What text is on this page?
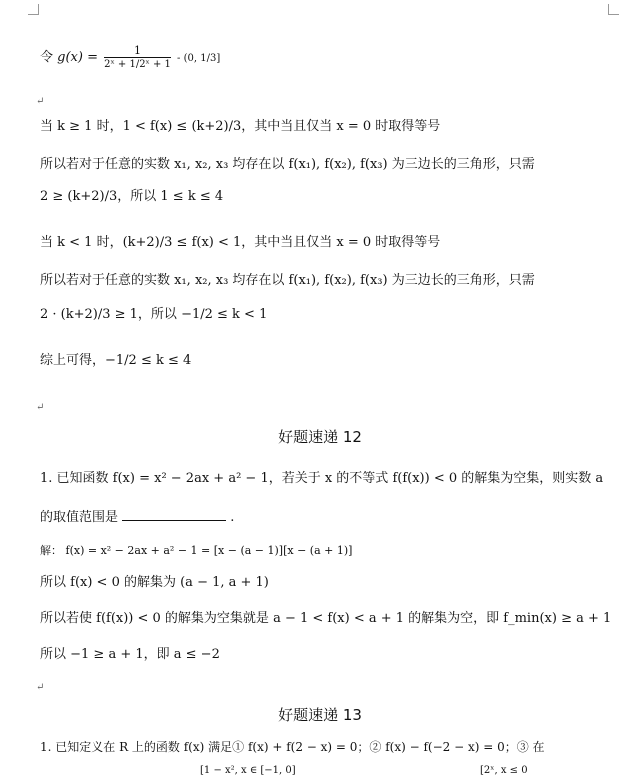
令 $g(x) = \frac{1}{\text{2ˣ + 1/2ˣ + 1}} - (0$, 1/3]
↵
当 k ≥ 1 时，1 < f(x) ≤ (k+2)/3，其中当且仅当 x = 0 时取得等号
所以若对于任意的实数 x₁, x₂, x₃ 均存在以 f(x₁), f(x₂), f(x₃) 为三边长的三角形，只需
2 ≥ (k+2)/3，所以 1 ≤ k ≤ 4
当 k < 1 时，(k+2)/3 ≤ f(x) < 1，其中当且仅当 x = 0 时取得等号
所以若对于任意的实数 x₁, x₂, x₃ 均存在以 f(x₁), f(x₂), f(x₃) 为三边长的三角形，只需
2 · (k+2)/3 ≥ 1，所以 −1/2 ≤ k < 1
综上可得，−1/2 ≤ k ≤ 4
↵
好题速递 12
1. 已知函数 f(x) = x² − 2ax + a² − 1，若关于 x 的不等式 f(f(x)) < 0 的解集为空集，则实数 a
的取值范围是	.
解： f(x) = x² − 2ax + a² − 1 = [x − (a − 1)][x − (a + 1)]
所以 f(x) < 0 的解集为 (a − 1, a + 1)
所以若使 f(f(x)) < 0 的解集为空集就是 a − 1 < f(x) < a + 1 的解集为空，即 f_min(x) ≥ a + 1
所以 −1 ≥ a + 1，即 a ≤ −2
↵
好题速递 13
1. 已知定义在 R 上的函数 f(x) 满足① f(x) + f(2 − x) = 0；② f(x) − f(−2 − x) = 0；③ 在
[1 − x², x ∈ [−1, 0]	[2ˣ, x ≤ 0
